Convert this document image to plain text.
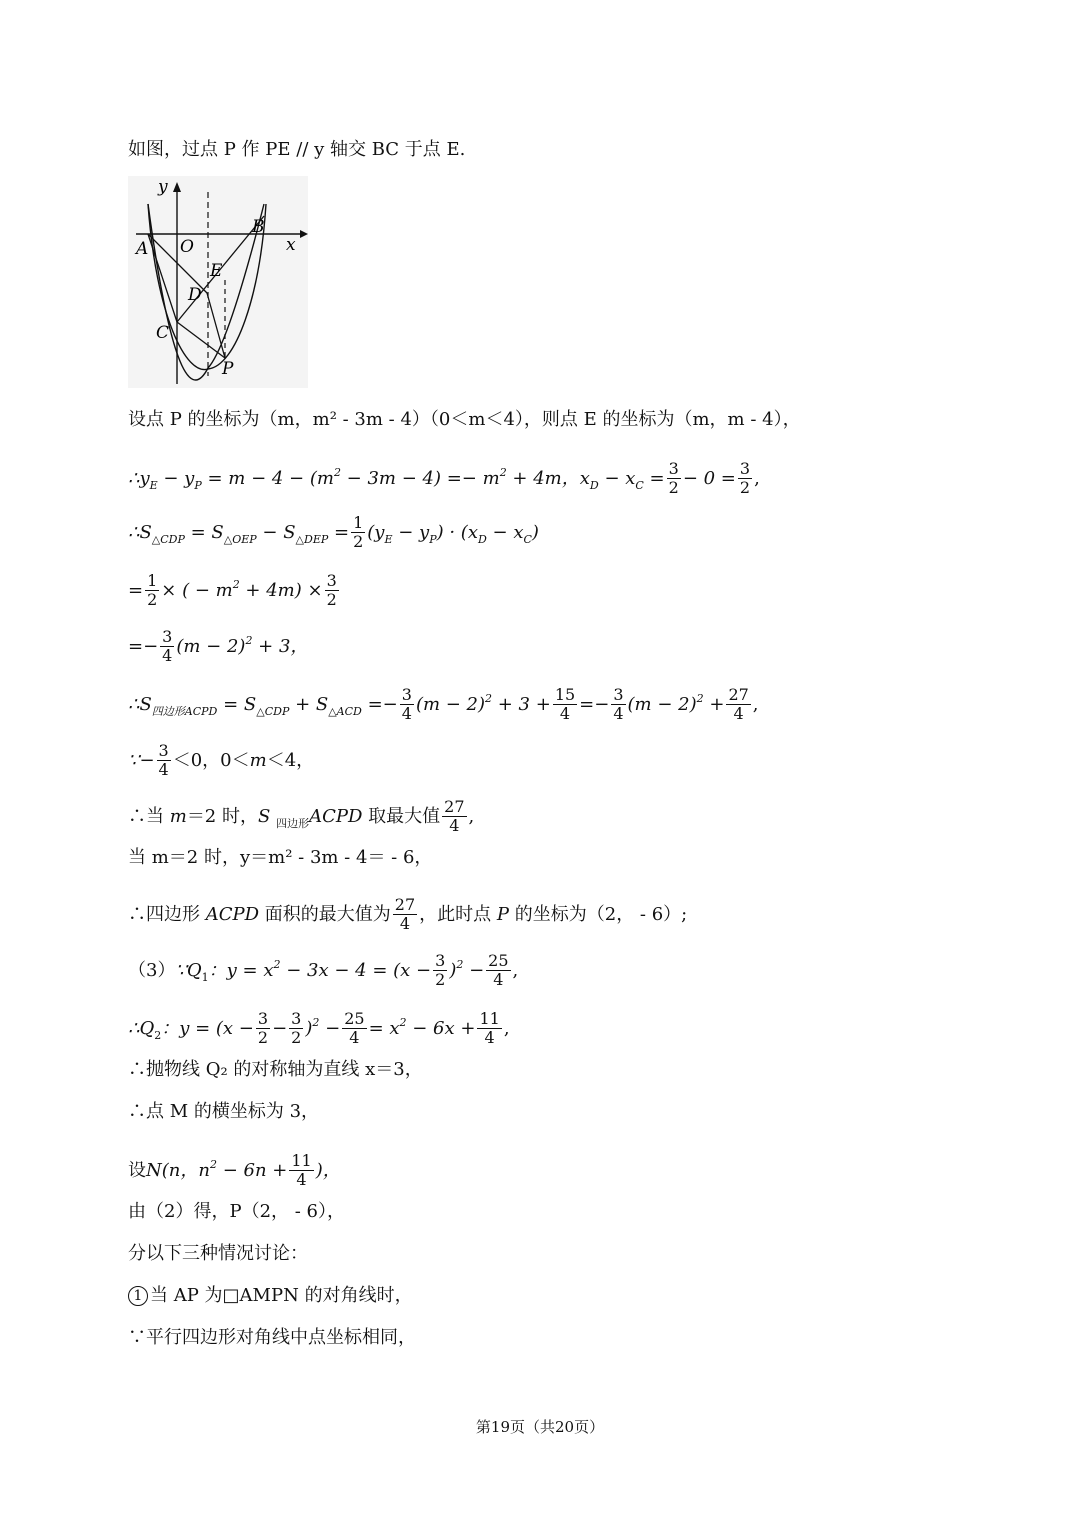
如图，过点 P 作 PE // y 轴交 BC 于点 E.
y
x
O
A
B
E
D
C
P
设点 P 的坐标为（m，m² ‐ 3m ‐ 4）（0＜m＜4），则点 E 的坐标为（m，m ‐ 4），
$\therefore y_E - y_P = m - 4 - (m^2 - 3m - 4) =- m^2 + 4m$，$x_D - x_C = \frac{3}{2} - 0 = \frac{3}{2}$ ,
$\therefore S_{\triangle CDP} = S_{\triangle OEP} - S_{\triangle DEP} = \frac{1}{2} (y_E - y_P) \cdot (x_D - x_C)$
= $\frac{1}{2}$ × ( − $m^2 + 4m) \times \frac{3}{2}$
=− $\frac{3}{4} (m - 2)^2 + 3$，
$\therefore S_{四边形ACPD} = S_{\triangle CDP} + S_{\triangle ACD} =- \frac{3}{4} (m - 2)^2 + 3 + \frac{15}{4} =- \frac{3}{4} (m - 2)^2 + \frac{27}{4}$ ,
∵− $\frac{3}{4} <0$，0＜m＜4，
∴当 m＝2 时，S $_{四边形}$ACPD 取最大值 $\frac{27}{4}$ ,
当 m＝2 时，y＝m² ‐ 3m ‐ 4＝ ‐ 6，
∴四边形 ACPD 面积的最大值为 $\frac{27}{4}$ ，此时点 P 的坐标为（2， ‐ 6）;
（3） $\because Q_1$：$y = x^2 - 3x - 4 = (x - \frac{3}{2} )^2 - \frac{25}{4}$ ,
$\therefore Q_2$：$y = (x - \frac{3}{2} - \frac{3}{2} )^2 - \frac{25}{4} = x^2 - 6x + \frac{11}{4}$ ,
∴抛物线 Q₂ 的对称轴为直线 x＝3，
∴点 M 的横坐标为 3，
设 N(n，$n^2 - 6n + \frac{11}{4}$ )，
由（2）得，P（2， ‐ 6），
分以下三种情况讨论：
1 当 AP 为□AMPN 的对角线时，
∵平行四边形对角线中点坐标相同，
第19页（共20页）
